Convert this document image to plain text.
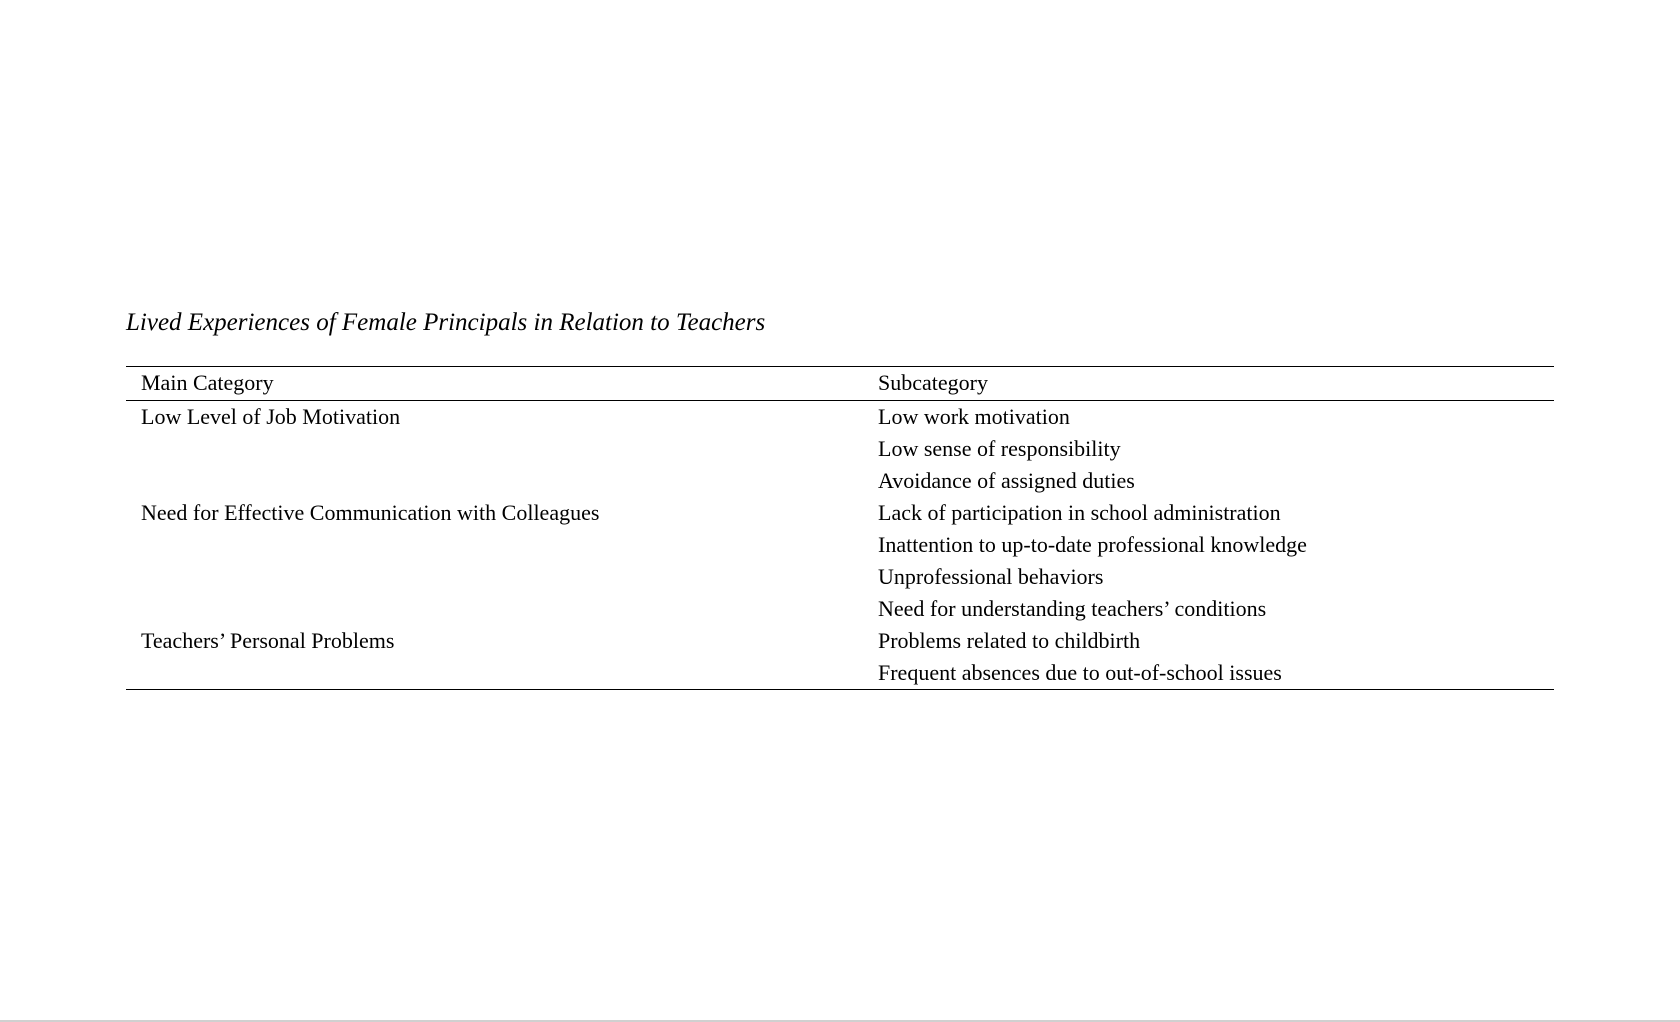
Lived Experiences of Female Principals in Relation to Teachers
Main Category	Subcategory
Low Level of Job Motivation	Low work motivation
Low sense of responsibility
Avoidance of assigned duties
Need for Effective Communication with Colleagues	Lack of participation in school administration
Inattention to up-to-date professional knowledge
Unprofessional behaviors
Need for understanding teachers’ conditions
Teachers’ Personal Problems	Problems related to childbirth
Frequent absences due to out-of-school issues
